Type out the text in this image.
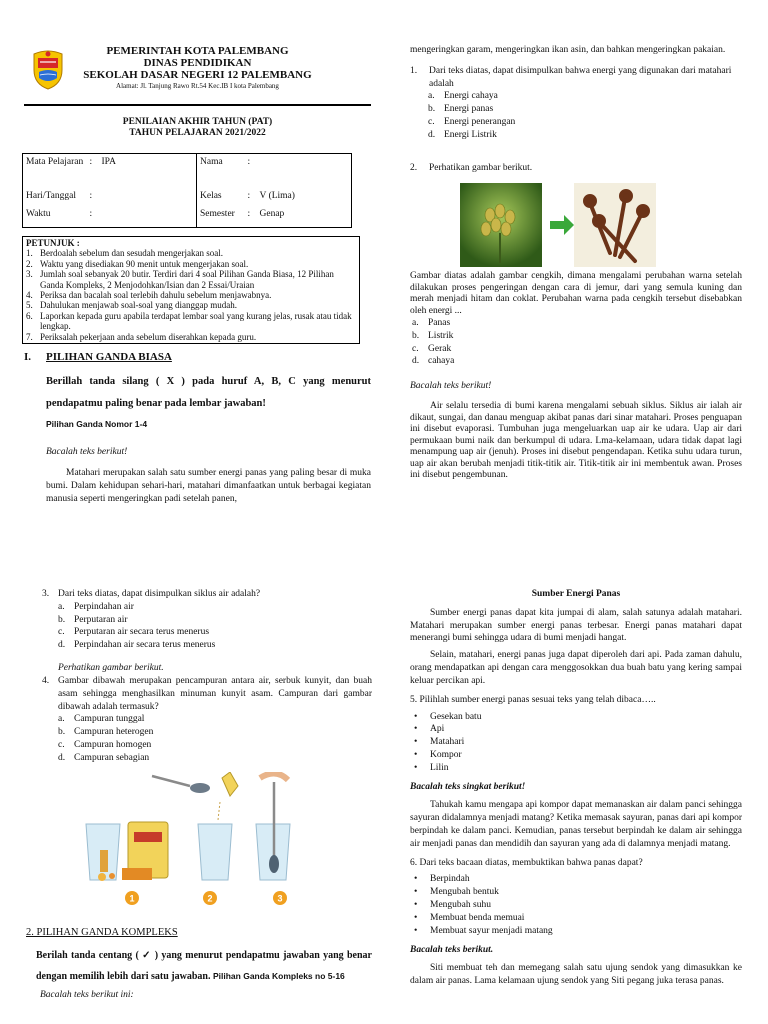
PEMERINTAH KOTA PALEMBANG
DINAS PENDIDIKAN
SEKOLAH DASAR NEGERI 12 PALEMBANG
Alamat: Jl. Tanjung Rawo Rt.54 Kec.IB I kota Palembang
PENILAIAN AKHIR TAHUN (PAT)
TAHUN PELAJARAN 2021/2022
Mata Pelajaran	:	IPA	Nama	:	
Hari/Tanggal	:		Kelas	:	V (Lima)
Waktu	:		Semester	:	Genap
PETUNJUK :
1. Berdoalah sebelum dan sesudah mengerjakan soal.
2. Waktu yang disediakan 90 menit untuk mengerjakan soal.
3. Jumlah soal sebanyak 20 butir. Terdiri dari 4 soal Pilihan Ganda Biasa, 12 Pilihan Ganda Kompleks, 2 Menjodohkan/Isian dan 2 Essai/Uraian
4. Periksa dan bacalah soal terlebih dahulu sebelum menjawabnya.
5. Dahulukan menjawab soal-soal yang dianggap mudah.
6. Laporkan kepada guru apabila terdapat lembar soal yang kurang jelas, rusak atau tidak lengkap.
7. Periksalah pekerjaan anda sebelum diserahkan kepada guru.
I.	PILIHAN GANDA BIASA
Berillah tanda silang ( X ) pada huruf A, B, C yang menurut pendapatmu paling benar pada lembar jawaban!
Pilihan Ganda Nomor 1-4
Bacalah teks berikut!
Matahari merupakan salah satu sumber energi panas yang paling besar di muka bumi. Dalam kehidupan sehari-hari, matahari dimanfaatkan untuk berbagai kegiatan manusia seperti mengeringkan padi setelah panen,
mengeringkan garam, mengeringkan ikan asin, dan bahkan mengeringkan pakaian.
1.	Dari teks diatas, dapat disimpulkan bahwa energi yang digunakan dari matahari adalah
a. Energi cahaya
b. Energi panas
c. Energi penerangan
d. Energi Listrik
2.	Perhatikan gambar berikut.
Gambar diatas adalah gambar cengkih, dimana mengalami perubahan warna setelah dilakukan proses pengeringan dengan cara di jemur, dari yang semula kuning dan merah menjadi hitam dan coklat. Perubahan warna pada cengkih tersebut disebabkan oleh energi ...
a. Panas
b. Listrik
c. Gerak
d. cahaya
Bacalah teks berikut!
Air selalu tersedia di bumi karena mengalami sebuah siklus. Siklus air ialah air dikaut, sungai, dan danau menguap akibat panas dari sinar matahari. Proses penguapan ini disebut evaporasi. Tumbuhan juga mengeluarkan uap air ke udara. Uap air dari permukaan bumi naik dan berkumpul di udara. Lma-kelamaan, udara tidak dapat lagi menampung uap air (jenuh). Proses ini disebut pengendapan. Ketika suhu udara turun, uap air akan berubah menjadi titik-titik air. Titik-titik air ini membentuk awan. Proses ini disebut pengembunan.
3. Dari teks diatas, dapat disimpulkan siklus air adalah?
a. Perpindahan air
b. Perputaran air
c. Perputaran air secara terus menerus
d. Perpindahan air secara terus menerus
Perhatikan gambar berikut.
4. Gambar dibawah merupakan pencampuran antara air, serbuk kunyit, dan buah asam sehingga menghasilkan minuman kunyit asam. Campuran dari gambar dibawah adalah termasuk?
a. Campuran tunggal
b. Campuran heterogen
c. Campuran homogen
d. Campuran sebagian
1	2	3
2. PILIHAN GANDA KOMPLEKS
Berilah tanda centang ( ✓ ) yang menurut pendapatmu jawaban yang benar dengan memilih lebih dari satu jawaban. Pilihan Ganda Kompleks no 5-16
Bacalah teks berikut ini:
Sumber Energi Panas
Sumber energi panas dapat kita jumpai di alam, salah satunya adalah matahari. Matahari merupakan sumber energi panas terbesar. Energi panas matahari dapat menerangi bumi sehingga udara di bumi menjadi hangat.
Selain, matahari, energi panas juga dapat diperoleh dari api. Pada zaman dahulu, orang mendapatkan api dengan cara menggosokkan dua buah batu yang kering sampai keluar percikan api.
5. Pilihlah sumber energi panas sesuai teks yang telah dibaca…..
• Gesekan batu
• Api
• Matahari
• Kompor
• Lilin
Bacalah teks singkat berikut!
Tahukah kamu mengapa api kompor dapat memanaskan air dalam panci sehingga sayuran didalamnya menjadi matang? Ketika memasak sayuran, panas dari api kompor berpindah ke dalam panci. Kemudian, panas tersebut berpindah ke dalam air sehingga air menjadi panas dan mendidih dan sayuran yang ada di dalamnya menjadi matang.
6. Dari teks bacaan diatas, membuktikan bahwa panas dapat?
• Berpindah
• Mengubah bentuk
• Mengubah suhu
• Membuat benda memuai
• Membuat sayur menjadi matang
Bacalah teks berikut.
Siti membuat teh dan memegang salah satu ujung sendok yang dimasukkan ke dalam air panas. Lama kelamaan ujung sendok yang Siti pegang juka terasa panas.
